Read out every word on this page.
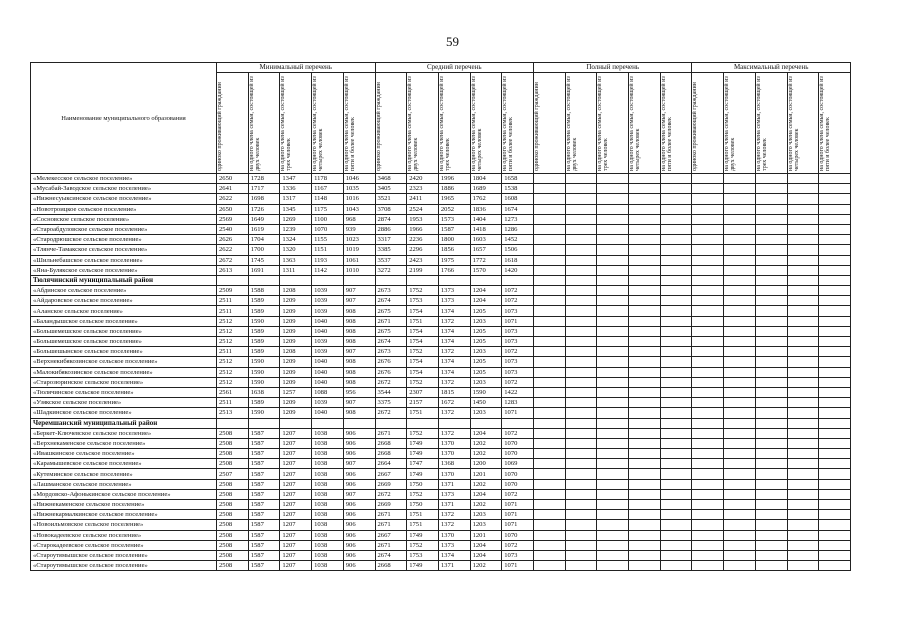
59
Наименование муниципального образования	Минимальный перечень					Средний перечень					Полный перечень					Максимальный перечень				

	одиноко проживающий гражданин	на одного члена семьи, состоящей из двух человек	на одного члена семьи, состоящей из трех человек	на одного члена семьи, состоящей из четырех человек	на одного члена семьи, состоящей из пяти и более человек	одиноко проживающий гражданин	на одного члена семьи, состоящей из двух человек	на одного члена семьи, состоящей из трех человек	на одного члена семьи, состоящей из четырех человек	на одного члена семьи, состоящей из пяти и более человек	одиноко проживающий гражданин	на одного члена семьи, состоящей из двух человек	на одного члена семьи, состоящей из трех человек	на одного члена семьи, состоящей из четырех человек	на одного члена семьи, состоящей из пяти и более человек	одиноко проживающий гражданин	на одного члена семьи, состоящей из двух человек	на одного члена семьи, состоящей из трех человек	на одного члена семьи, состоящей из четырех человек	на одного члена семьи, состоящей из пяти и более человек

«Мелекесское сельское поселение»	2650	1728	1347	1178	1046	3468	2420	1996	1804	1658										
«Мусабай-Заводское сельское поселение»	2641	1717	1336	1167	1035	3405	2323	1886	1689	1538										
«Нижнесуыксинское сельское поселение»	2622	1698	1317	1148	1016	3521	2411	1965	1762	1608										
«Новотроицкое сельское поселение»	2650	1726	1345	1175	1043	3708	2524	2052	1836	1674										
«Сосновское сельское поселение»	2569	1649	1269	1100	968	2874	1953	1573	1404	1273										
«Староабдуловское сельское поселение»	2540	1619	1239	1070	939	2886	1966	1587	1418	1286										
«Стародрюшское сельское поселение»	2626	1704	1324	1155	1023	3317	2236	1800	1603	1452										
«Тлянче-Тамакское сельское поселение»	2622	1700	1320	1151	1019	3385	2296	1856	1657	1506										
«Шильнебашское сельское поселение»	2672	1745	1363	1193	1061	3537	2423	1975	1772	1618										
«Яна-Булякское сельское поселение»	2613	1691	1311	1142	1010	3272	2199	1766	1570	1420										
Тюлячинский муниципальный район																				
«Абдинское сельское поселение»	2509	1588	1208	1039	907	2673	1752	1373	1204	1072										
«Айдаровское сельское поселение»	2511	1589	1209	1039	907	2674	1753	1373	1204	1072										
«Аланское сельское поселение»	2511	1589	1209	1039	908	2675	1754	1374	1205	1073										
«Баландышское сельское поселение»	2512	1590	1209	1040	908	2671	1751	1372	1203	1071										
«Большемешское сельское поселение»	2512	1589	1209	1040	908	2675	1754	1374	1205	1073										
«Большемешское сельское поселение»	2512	1589	1209	1039	908	2674	1754	1374	1205	1073										
«Большешынское сельское поселение»	2511	1589	1208	1039	907	2673	1752	1372	1203	1072										
«Верхнекибякозинское сельское поселение»	2512	1590	1209	1040	908	2676	1754	1374	1205	1073										
«Малокибякозинское сельское поселение»	2512	1590	1209	1040	908	2676	1754	1374	1205	1073										
«Старозюринское сельское поселение»	2512	1590	1209	1040	908	2672	1752	1372	1203	1072										
«Тюлячинское сельское поселение»	2561	1638	1257	1088	956	3544	2307	1815	1590	1422										
«Узякское сельское поселение»	2511	1589	1209	1039	907	3375	2157	1672	1450	1283										
«Шадкинское сельское поселение»	2513	1590	1209	1040	908	2672	1751	1372	1203	1071										
Черемшанский муниципальный район																				
«Беркет-Ключевское сельское поселение»	2508	1587	1207	1038	906	2671	1752	1372	1204	1072										
«Верхнекаменское сельское поселение»	2508	1587	1207	1038	906	2668	1749	1370	1202	1070										
«Ивашкинское сельское поселение»	2508	1587	1207	1038	906	2668	1749	1370	1202	1070										
«Карамышевское сельское поселение»	2508	1587	1207	1038	907	2664	1747	1368	1200	1069										
«Кутеминское сельское поселение»	2507	1587	1207	1038	906	2667	1749	1370	1201	1070										
«Лашманское сельское поселение»	2508	1587	1207	1038	906	2669	1750	1371	1202	1070										
«Мордовско-Афонькинское сельское поселение»	2508	1587	1207	1038	907	2672	1752	1373	1204	1072										
«Нижнекаменское сельское поселение»	2508	1587	1207	1038	906	2669	1750	1371	1202	1071										
«Нижнекармалкинское сельское поселение»	2508	1587	1207	1038	906	2671	1751	1372	1203	1071										
«Новоильмовское сельское поселение»	2508	1587	1207	1038	906	2671	1751	1372	1203	1071										
«Новокадеевское сельское поселение»	2508	1587	1207	1038	906	2667	1749	1370	1201	1070										
«Старокадеевское сельское поселение»	2508	1587	1207	1038	906	2671	1752	1373	1204	1072										
«Староутямышское сельское поселение»	2508	1587	1207	1038	906	2674	1753	1374	1204	1073										
«Староутямышское сельское поселение»	2508	1587	1207	1038	906	2668	1749	1371	1202	1071										
